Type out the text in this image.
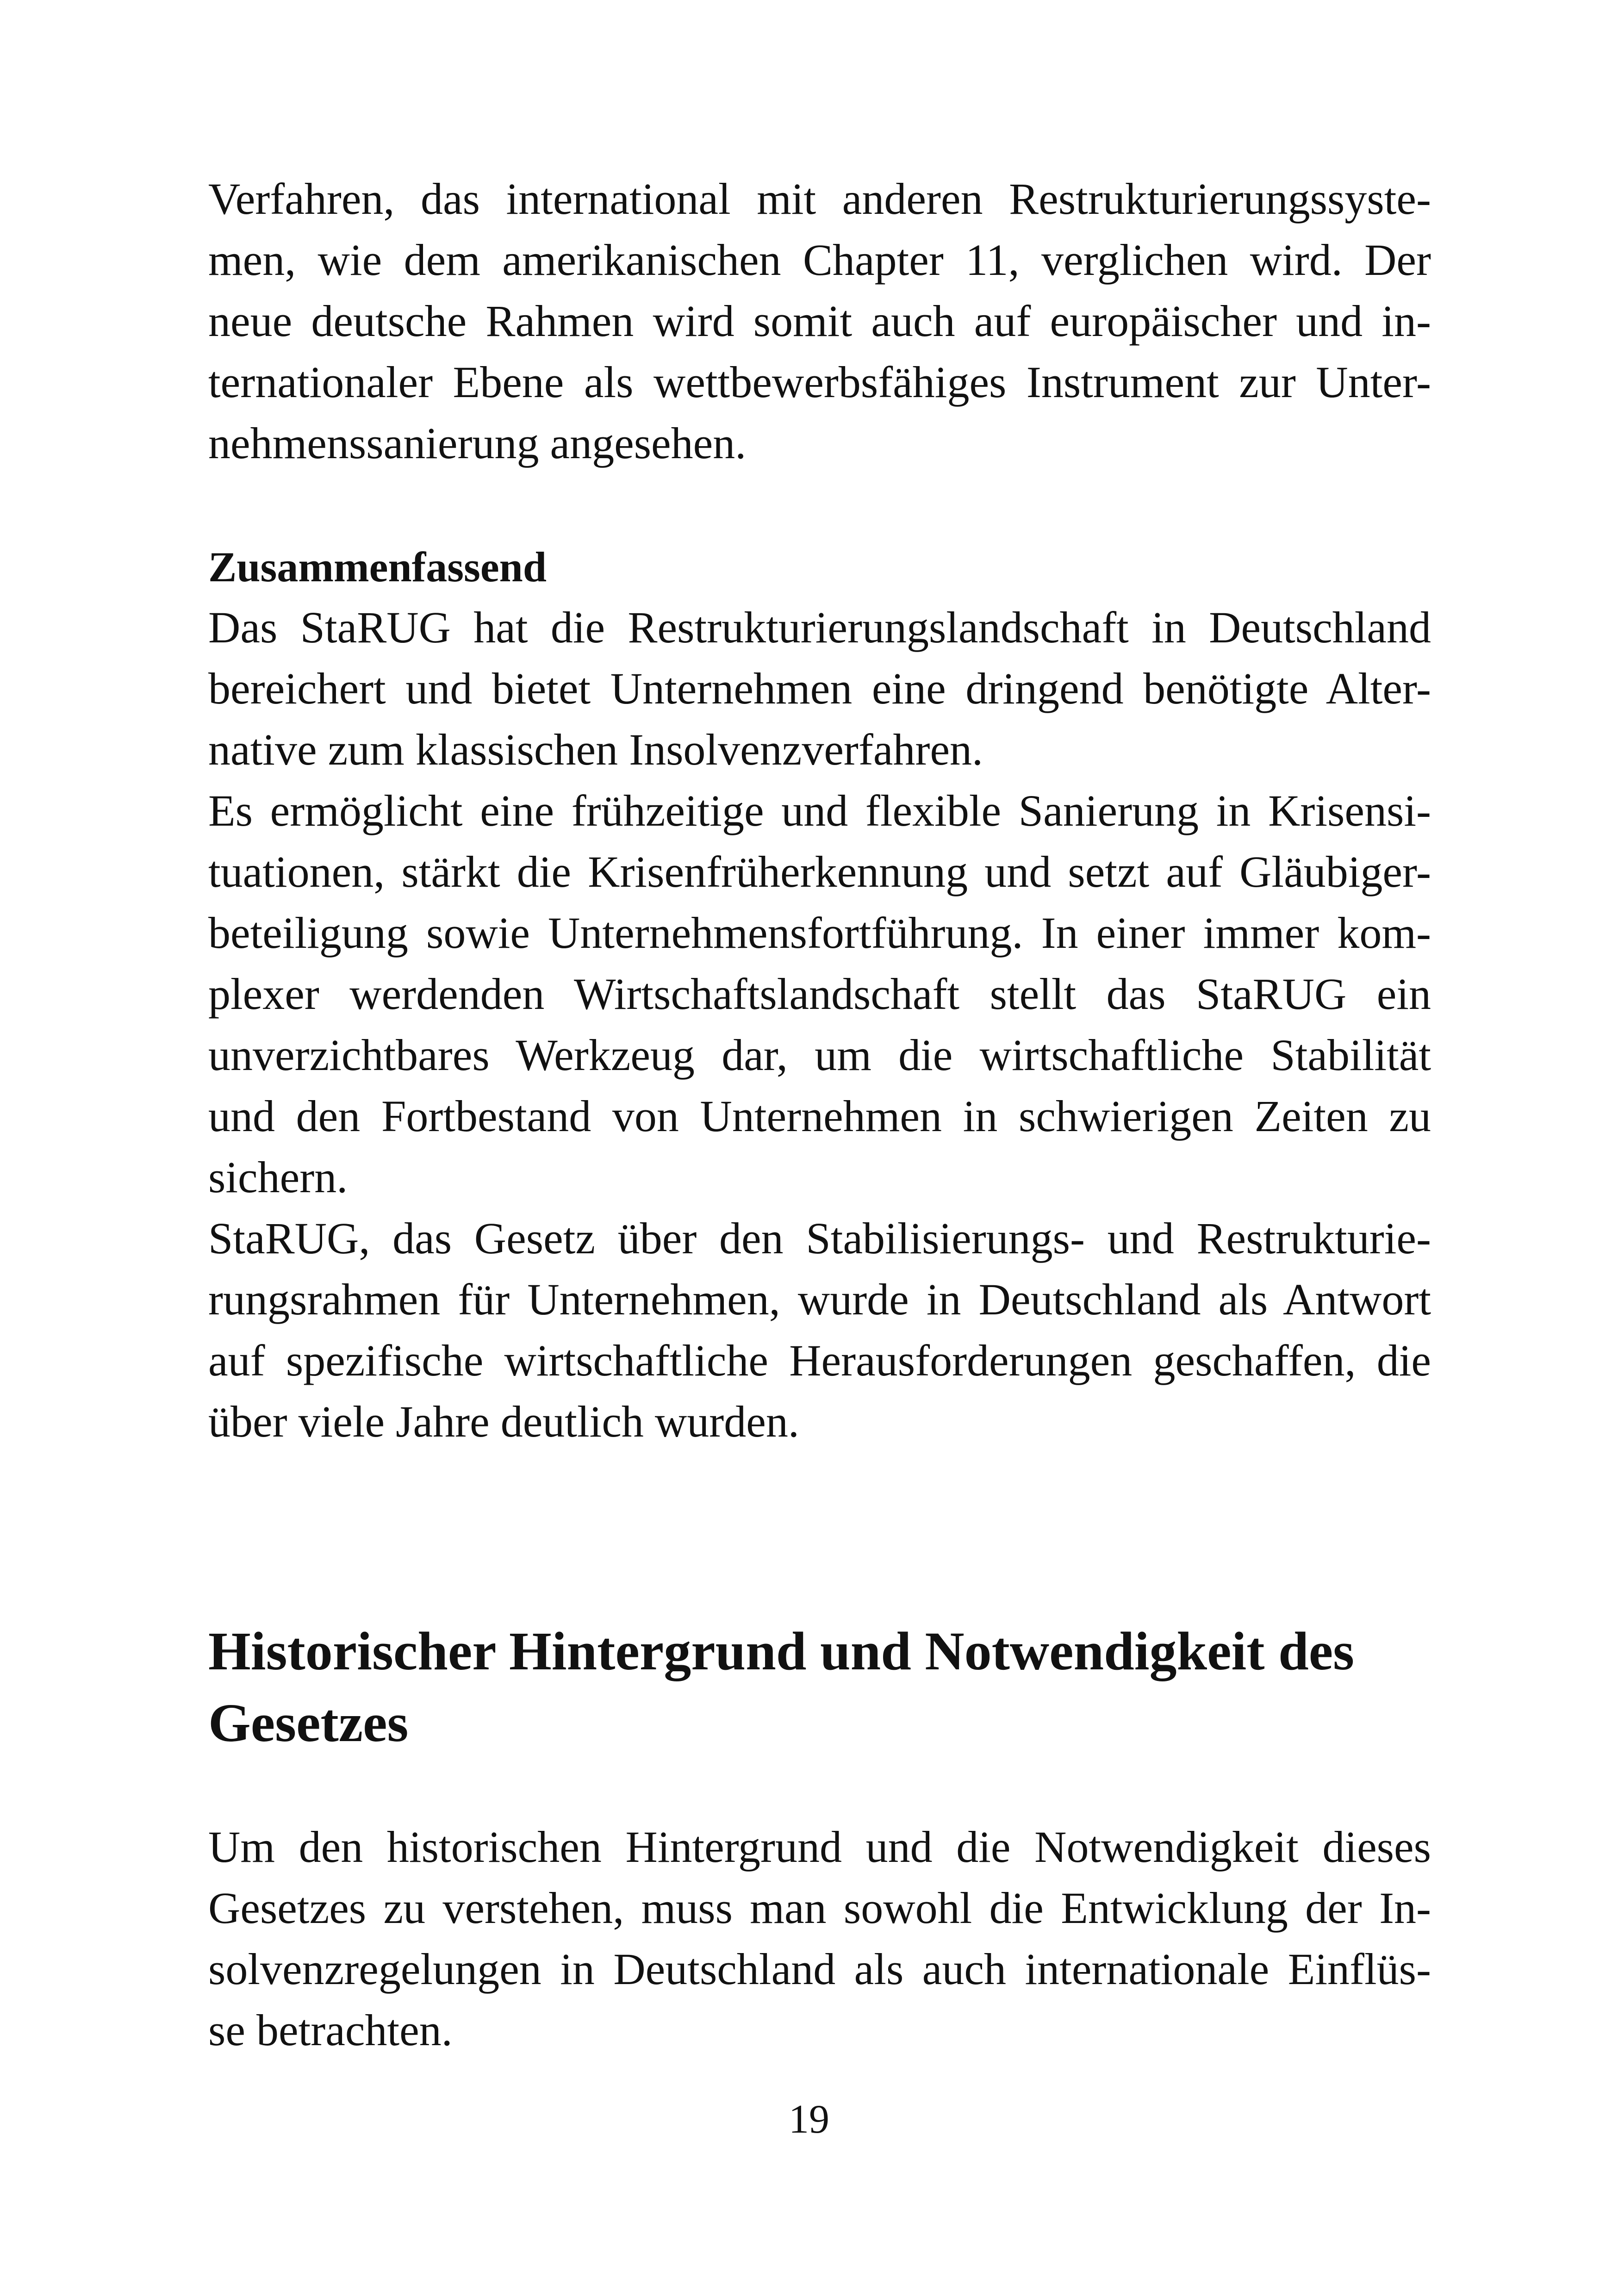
Verfahren, das international mit anderen Restrukturierungssyste-
men, wie dem amerikanischen Chapter 11, verglichen wird. Der
neue deutsche Rahmen wird somit auch auf europäischer und in-
ternationaler Ebene als wettbewerbsfähiges Instrument zur Unter-
nehmenssanierung angesehen.
Zusammenfassend
Das StaRUG hat die Restrukturierungslandschaft in Deutschland
bereichert und bietet Unternehmen eine dringend benötigte Alter-
native zum klassischen Insolvenzverfahren.
Es ermöglicht eine frühzeitige und flexible Sanierung in Krisensi-
tuationen, stärkt die Krisenfrüherkennung und setzt auf Gläubiger-
beteiligung sowie Unternehmensfortführung. In einer immer kom-
plexer werdenden Wirtschaftslandschaft stellt das StaRUG ein
unverzichtbares Werkzeug dar, um die wirtschaftliche Stabilität
und den Fortbestand von Unternehmen in schwierigen Zeiten zu
sichern.
StaRUG, das Gesetz über den Stabilisierungs- und Restrukturie-
rungsrahmen für Unternehmen, wurde in Deutschland als Antwort
auf spezifische wirtschaftliche Herausforderungen geschaffen, die
über viele Jahre deutlich wurden.
Historischer Hintergrund und Notwendigkeit des
Gesetzes
Um den historischen Hintergrund und die Notwendigkeit dieses
Gesetzes zu verstehen, muss man sowohl die Entwicklung der In-
solvenzregelungen in Deutschland als auch internationale Einflüs-
se betrachten.
19
